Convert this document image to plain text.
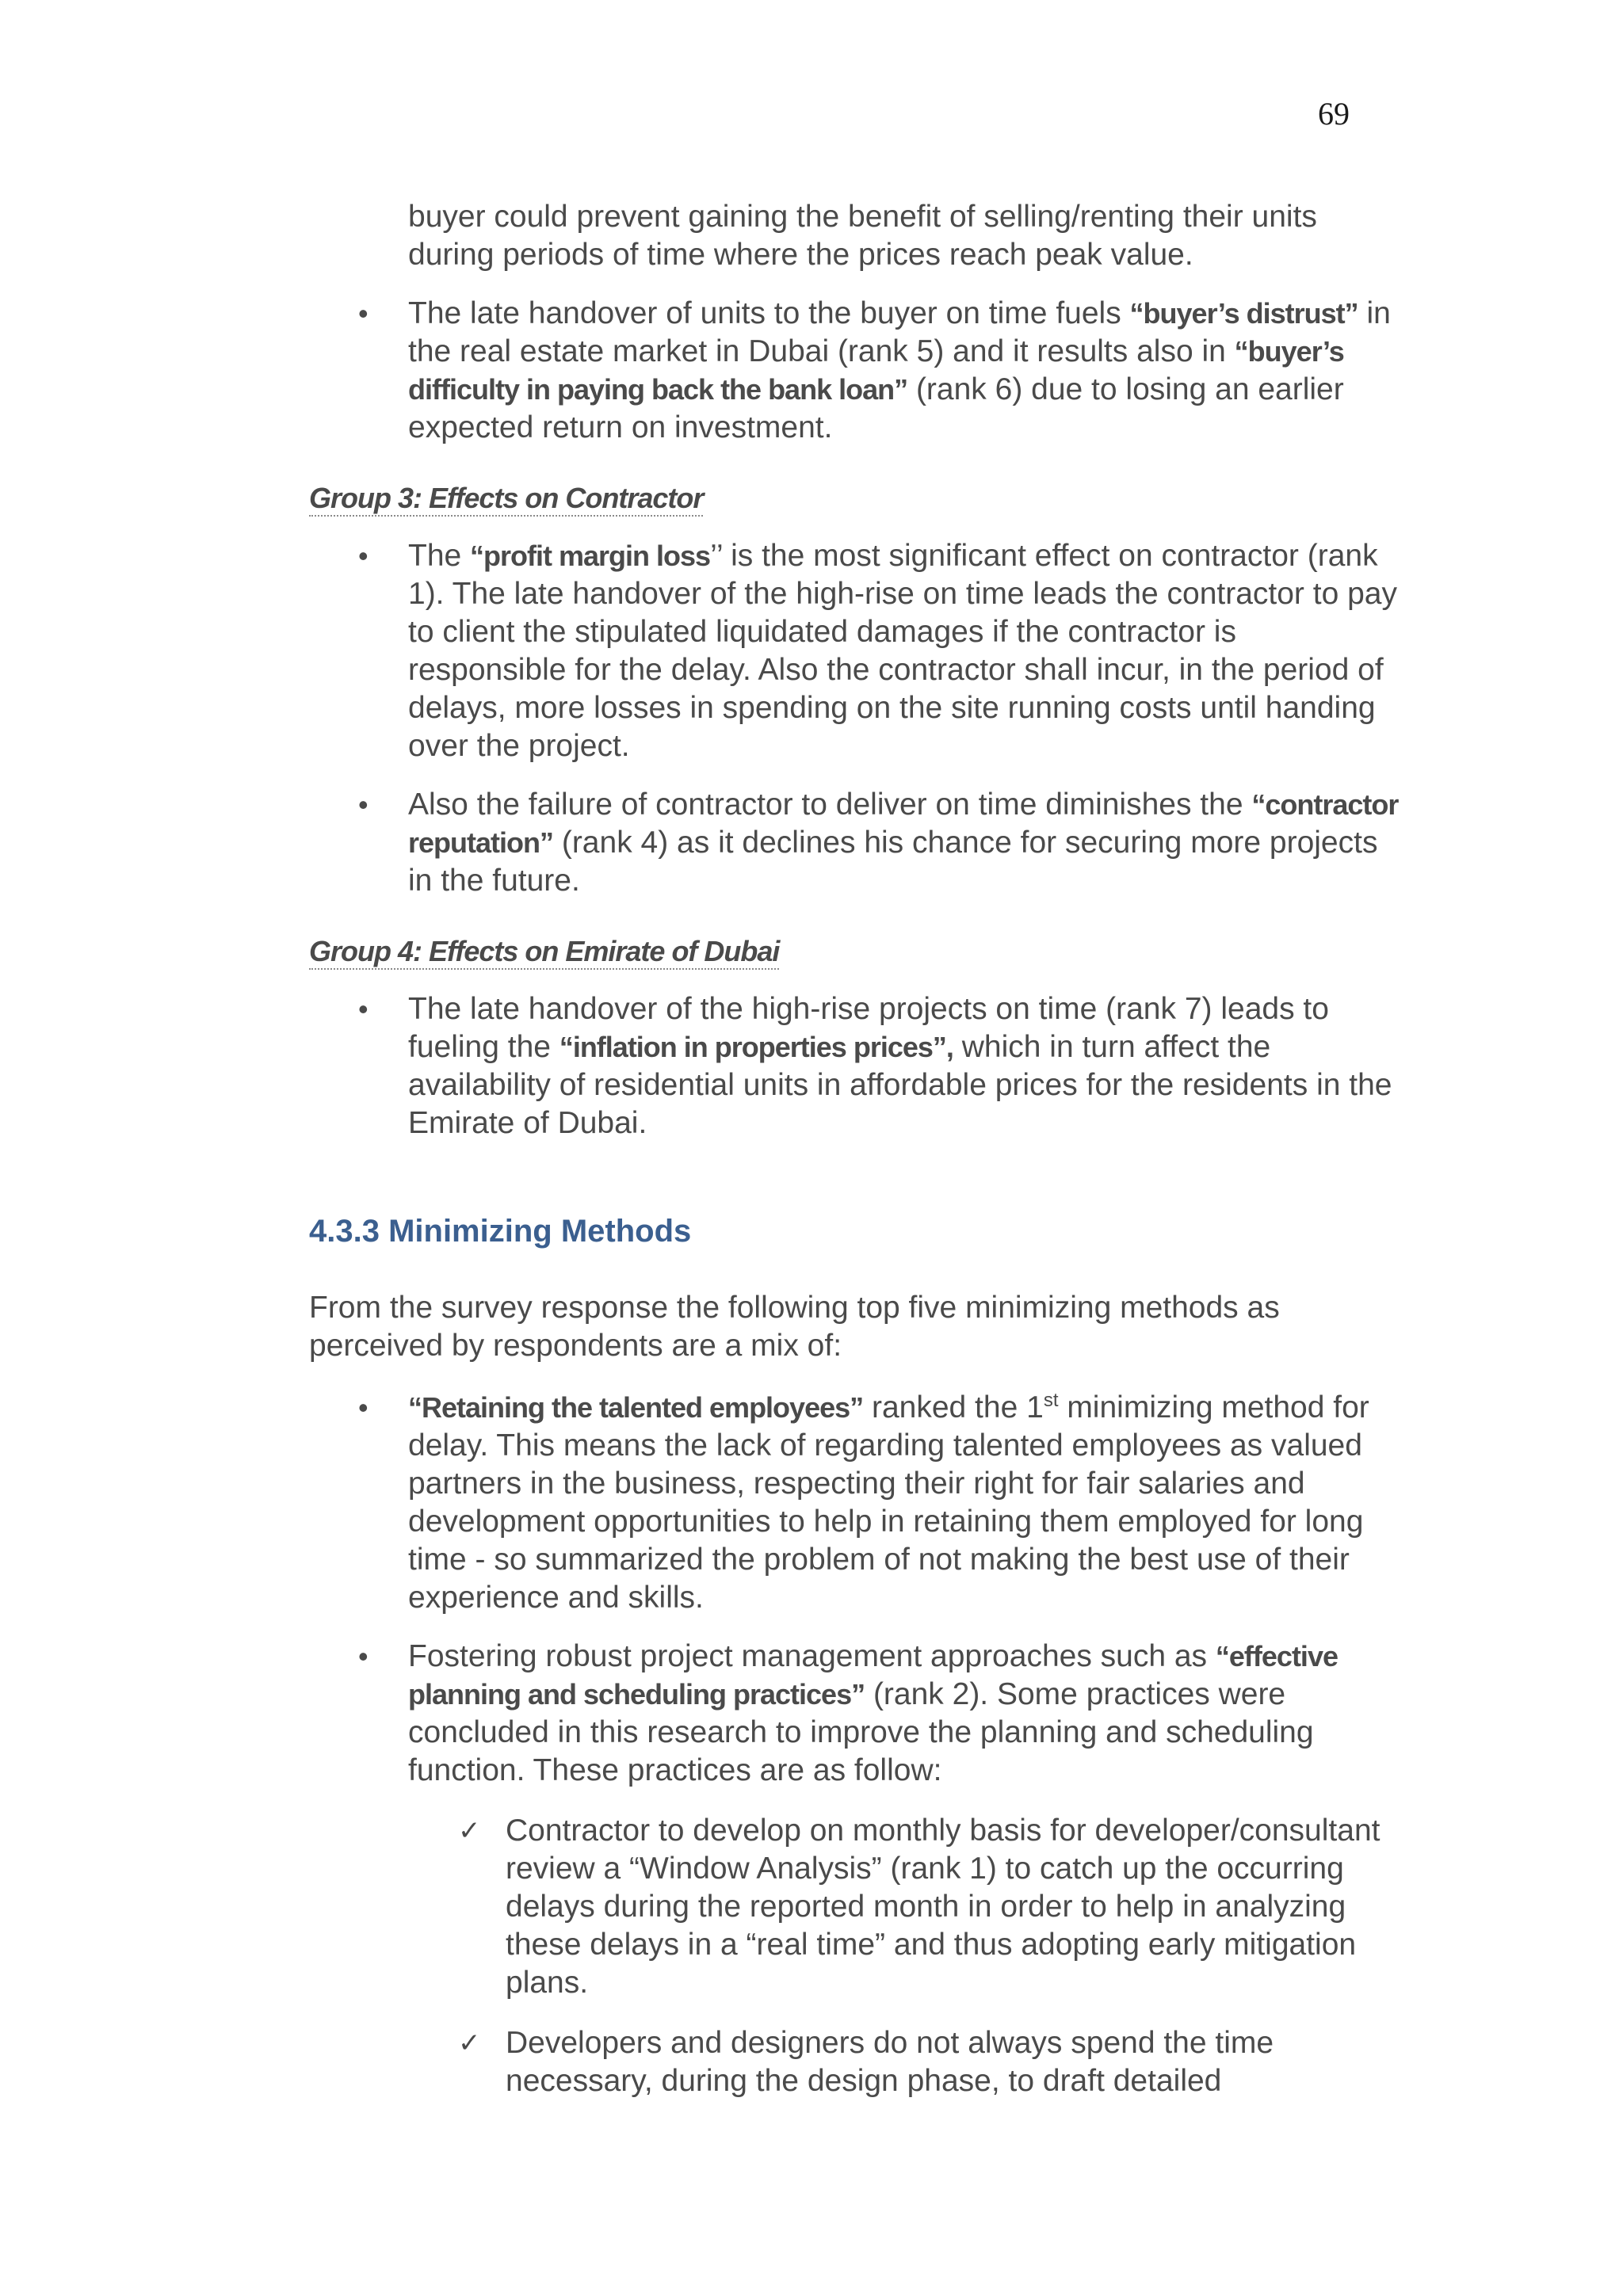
69
buyer could prevent gaining the benefit of selling/renting their units during periods of time where the prices reach peak value.
• The late handover of units to the buyer on time fuels “buyer’s distrust” in the real estate market in Dubai (rank 5) and it results also in “buyer’s difficulty in paying back the bank loan” (rank 6) due to losing an earlier expected return on investment.
Group 3: Effects on Contractor
• The “profit margin loss’’ is the most significant effect on contractor (rank 1). The late handover of the high-rise on time leads the contractor to pay to client the stipulated liquidated damages if the contractor is responsible for the delay. Also the contractor shall incur, in the period of delays, more losses in spending on the site running costs until handing over the project.
• Also the failure of contractor to deliver on time diminishes the “contractor reputation” (rank 4) as it declines his chance for securing more projects in the future.
Group 4: Effects on Emirate of Dubai
• The late handover of the high-rise projects on time (rank 7) leads to fueling the “inflation in properties prices”, which in turn affect the availability of residential units in affordable prices for the residents in the Emirate of Dubai.
4.3.3 Minimizing Methods
From the survey response the following top five minimizing methods as perceived by respondents are a mix of:
• “Retaining the talented employees” ranked the 1st minimizing method for delay. This means the lack of regarding talented employees as valued partners in the business, respecting their right for fair salaries and development opportunities to help in retaining them employed for long time - so summarized the problem of not making the best use of their experience and skills.
• Fostering robust project management approaches such as “effective planning and scheduling practices” (rank 2). Some practices were concluded in this research to improve the planning and scheduling function. These practices are as follow:
✓ Contractor to develop on monthly basis for developer/consultant review a “Window Analysis” (rank 1) to catch up the occurring delays during the reported month in order to help in analyzing these delays in a “real time” and thus adopting early mitigation plans.
✓ Developers and designers do not always spend the time necessary, during the design phase, to draft detailed
